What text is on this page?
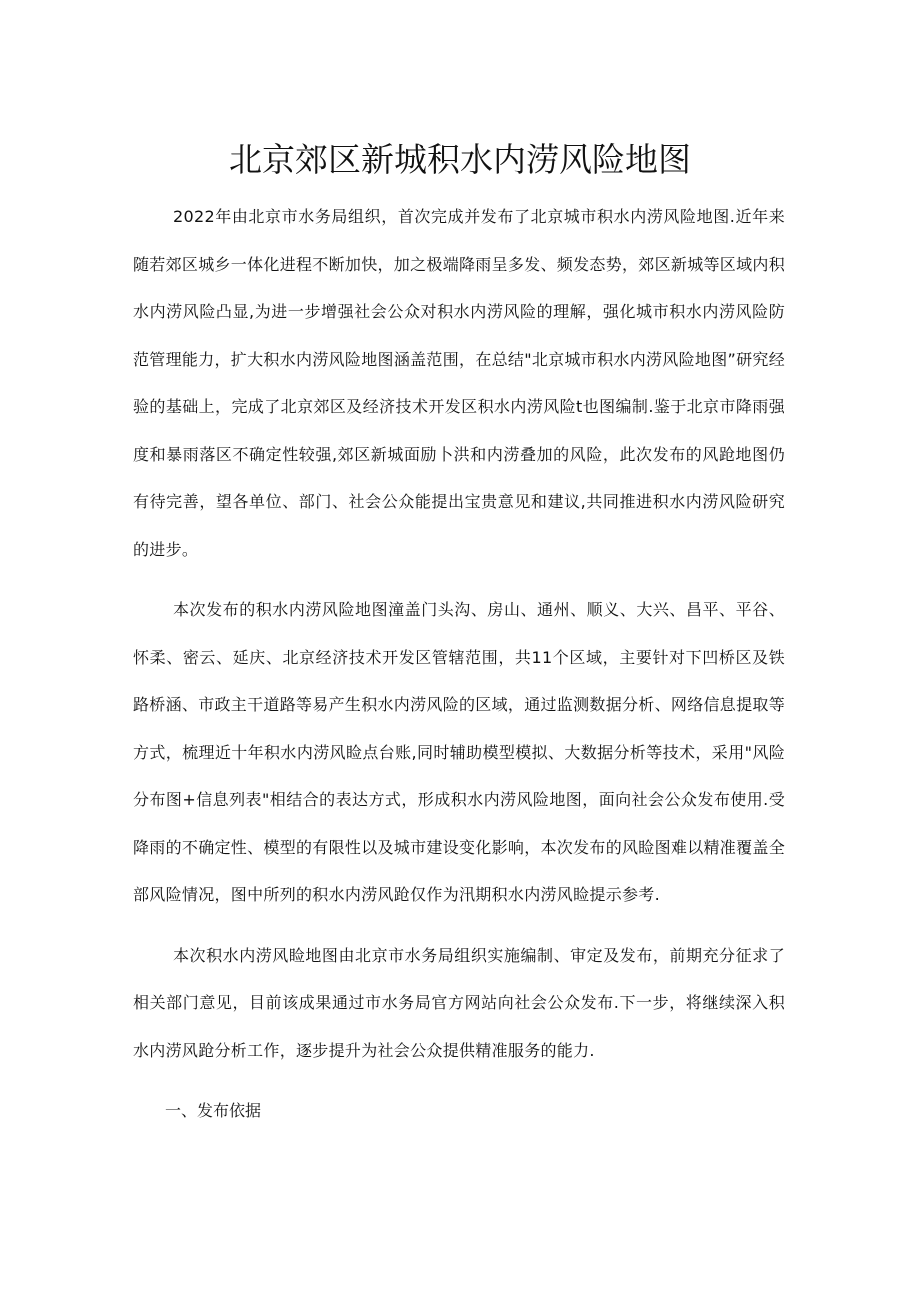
北京郊区新城积水内涝风险地图

2022年由北京市水务局组织，首次完成并发布了北京城市积水内涝风险地图.近年来随若郊区城乡一体化进程不断加快，加之极端降雨呈多发、频发态势，郊区新城等区域内积水内涝风险凸显,为进一步增强社会公众对积水内涝风险的理解，强化城市积水内涝风险防范管理能力，扩大积水内涝风险地图涵盖范围，在总结"北京城市积水内涝风险地图”研究经验的基础上，完成了北京郊区及经济技术开发区积水内涝风险t也图编制.鉴于北京市降雨强度和暴雨落区不确定性较强,郊区新城面励卜洪和内涝叠加的风险，此次发布的风跄地图仍有待完善，望各单位、部门、社会公众能提出宝贵意见和建议,共同推进积水内涝风险研究的进步。

本次发布的积水内涝风险地图潼盖门头沟、房山、通州、顺义、大兴、昌平、平谷、怀柔、密云、延庆、北京经济技术开发区管辖范围，共11个区域，主要针对下凹桥区及铁路桥涵、市政主干道路等易产生积水内涝风险的区域，通过监测数据分析、网络信息提取等方式，梳理近十年积水内涝风睑点台账,同时辅助模型模拟、大数据分析等技术，采用"风险分布图+信息列表"相结合的表达方式，形成积水内涝风险地图，面向社会公众发布使用.受降雨的不确定性、模型的有限性以及城市建设变化影响，本次发布的风睑图难以精准覆盖全部风险情况，图中所列的积水内涝风跄仅作为汛期积水内涝风睑提示参考.

本次积水内涝风睑地图由北京市水务局组织实施编制、审定及发布，前期充分征求了相关部门意见，目前该成果通过市水务局官方网站向社会公众发布.下一步，将继续深入积水内涝风跄分析工作，逐步提升为社会公众提供精准服务的能力.

一、发布依据
